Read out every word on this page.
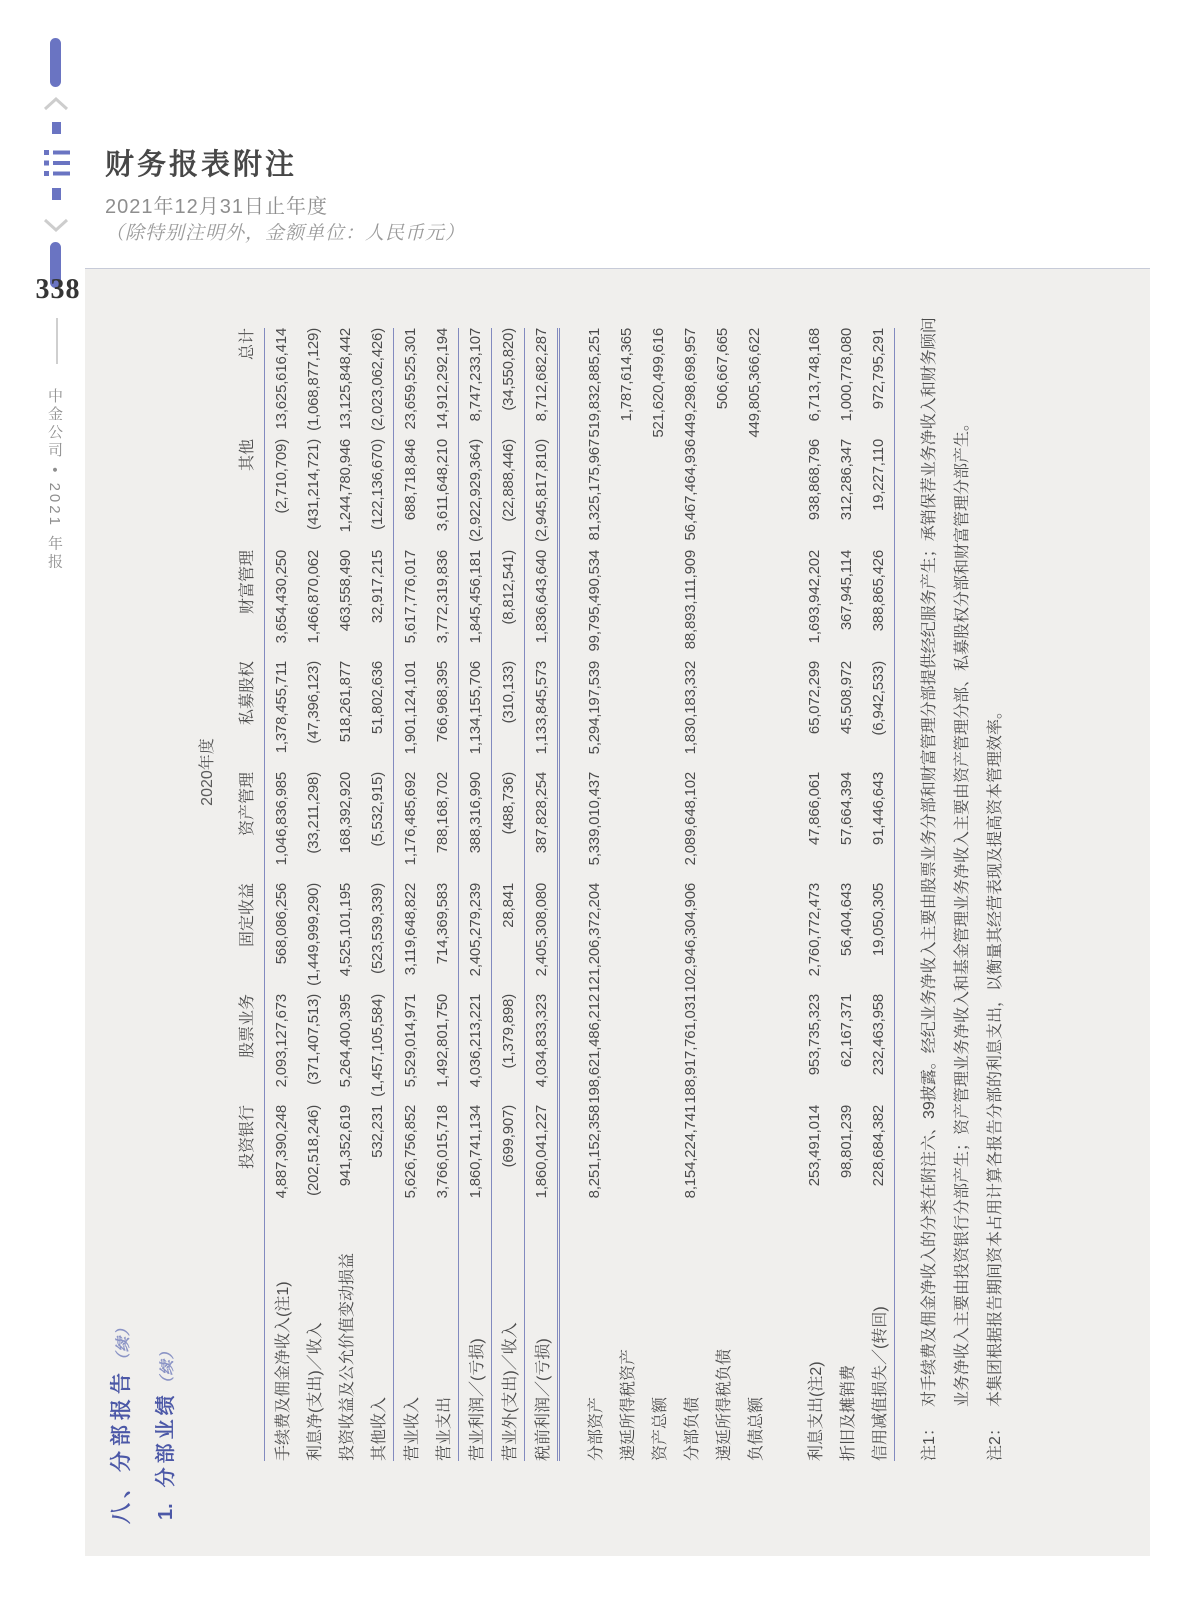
338
中金公司 • 2021 年报
财务报表附注
2021年12月31日止年度
（除特别注明外，金额单位：人民币元）
八、分部报告（续）
1.分部业绩（续）
2020年度
	投资银行	股票业务	固定收益	资产管理	私募股权	财富管理	其他	总计
手续费及佣金净收入(注1)	4,887,390,248	2,093,127,673	568,086,256	1,046,836,985	1,378,455,711	3,654,430,250	(2,710,709)	13,625,616,414
利息净(支出)／收入	(202,518,246)	(371,407,513)	(1,449,999,290)	(33,211,298)	(47,396,123)	1,466,870,062	(431,214,721)	(1,068,877,129)
投资收益及公允价值变动损益	941,352,619	5,264,400,395	4,525,101,195	168,392,920	518,261,877	463,558,490	1,244,780,946	13,125,848,442
其他收入	532,231	(1,457,105,584)	(523,539,339)	(5,532,915)	51,802,636	32,917,215	(122,136,670)	(2,023,062,426)
营业收入	5,626,756,852	5,529,014,971	3,119,648,822	1,176,485,692	1,901,124,101	5,617,776,017	688,718,846	23,659,525,301
营业支出	3,766,015,718	1,492,801,750	714,369,583	788,168,702	766,968,395	3,772,319,836	3,611,648,210	14,912,292,194
营业利润／(亏损)	1,860,741,134	4,036,213,221	2,405,279,239	388,316,990	1,134,155,706	1,845,456,181	(2,922,929,364)	8,747,233,107
营业外(支出)／收入	(699,907)	(1,379,898)	28,841	(488,736)	(310,133)	(8,812,541)	(22,888,446)	(34,550,820)
税前利润／(亏损)	1,860,041,227	4,034,833,323	2,405,308,080	387,828,254	1,133,845,573	1,836,643,640	(2,945,817,810)	8,712,682,287

分部资产	8,251,152,358	198,621,486,212	121,206,372,204	5,339,010,437	5,294,197,539	99,795,490,534	81,325,175,967	519,832,885,251
递延所得税资产								1,787,614,365
资产总额								521,620,499,616
分部负债	8,154,224,741	188,917,761,031	102,946,304,906	2,089,648,102	1,830,183,332	88,893,111,909	56,467,464,936	449,298,698,957
递延所得税负债								506,667,665
负债总额								449,805,366,622

利息支出(注2)	253,491,014	953,735,323	2,760,772,473	47,866,061	65,072,299	1,693,942,202	938,868,796	6,713,748,168
折旧及摊销费	98,801,239	62,167,371	56,404,643	57,664,394	45,508,972	367,945,114	312,286,347	1,000,778,080
信用减值损失／(转回)	228,684,382	232,463,958	19,050,305	91,446,643	(6,942,533)	388,865,426	19,227,110	972,795,291
注1：
对手续费及佣金净收入的分类在附注六、39披露。经纪业务净收入主要由股票业务分部和财富管理分部提供经纪服务产生；承销保荐业务净收入和财务顾问业务净收入主要由投资银行分部产生；资产管理业务净收入和基金管理业务净收入主要由资产管理分部、私募股权分部和财富管理分部产生。
注2：
本集团根据报告期间资本占用计算各报告分部的利息支出，以衡量其经营表现及提高资本管理效率。
